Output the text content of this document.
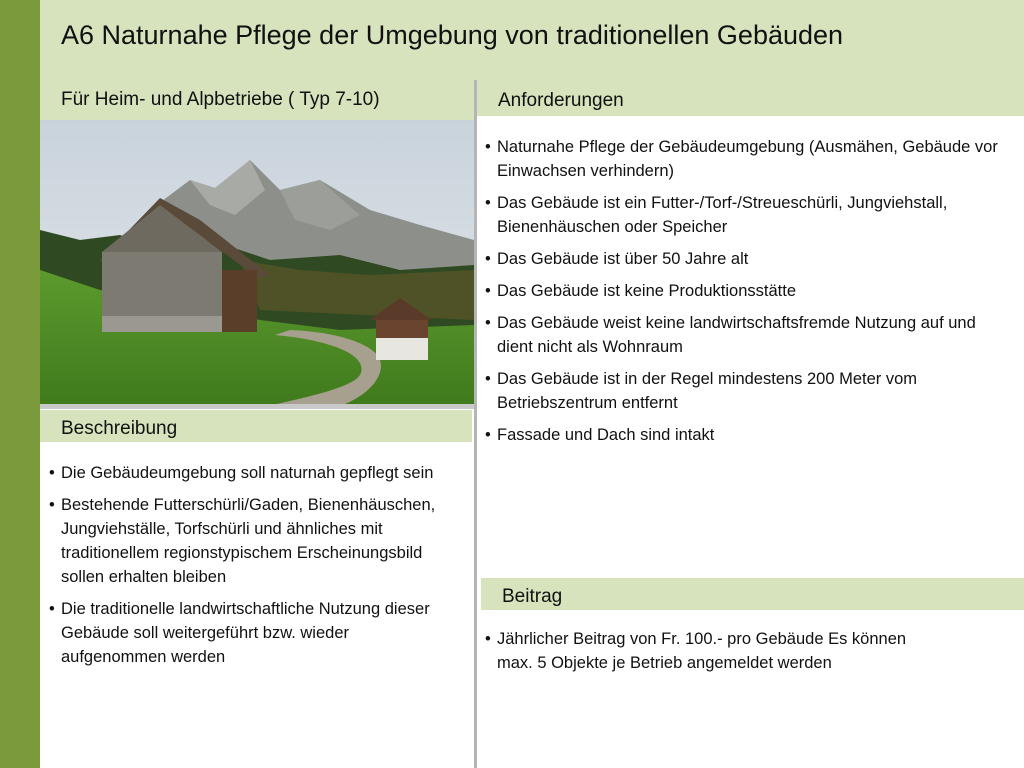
A6 Naturnahe Pflege der Umgebung von traditionellen Gebäuden
Für Heim- und Alpbetriebe ( Typ 7-10)	Anforderungen
• Naturnahe Pflege der Gebäudeumgebung (Ausmähen, Gebäude vor Einwachsen verhindern)
• Das Gebäude ist ein Futter-/Torf-/Streueschürli, Jungviehstall, Bienenhäuschen oder Speicher
• Das Gebäude ist über 50 Jahre alt
• Das Gebäude ist keine Produktionsstätte
• Das Gebäude weist keine landwirtschaftsfremde Nutzung auf und dient nicht als Wohnraum
• Das Gebäude ist in der Regel mindestens 200 Meter vom Betriebszentrum entfernt
• Fassade und Dach sind intakt
Beschreibung
• Die Gebäudeumgebung soll naturnah gepflegt sein
• Bestehende Futterschürli/Gaden, Bienenhäuschen, Jungviehställe, Torfschürli und ähnliches mit traditionellem regionstypischem Erscheinungsbild sollen erhalten bleiben
• Die traditionelle landwirtschaftliche Nutzung dieser Gebäude soll weitergeführt bzw. wieder aufgenommen werden
Beitrag
• Jährlicher Beitrag von Fr. 100.- pro Gebäude Es können max. 5 Objekte je Betrieb angemeldet werden
